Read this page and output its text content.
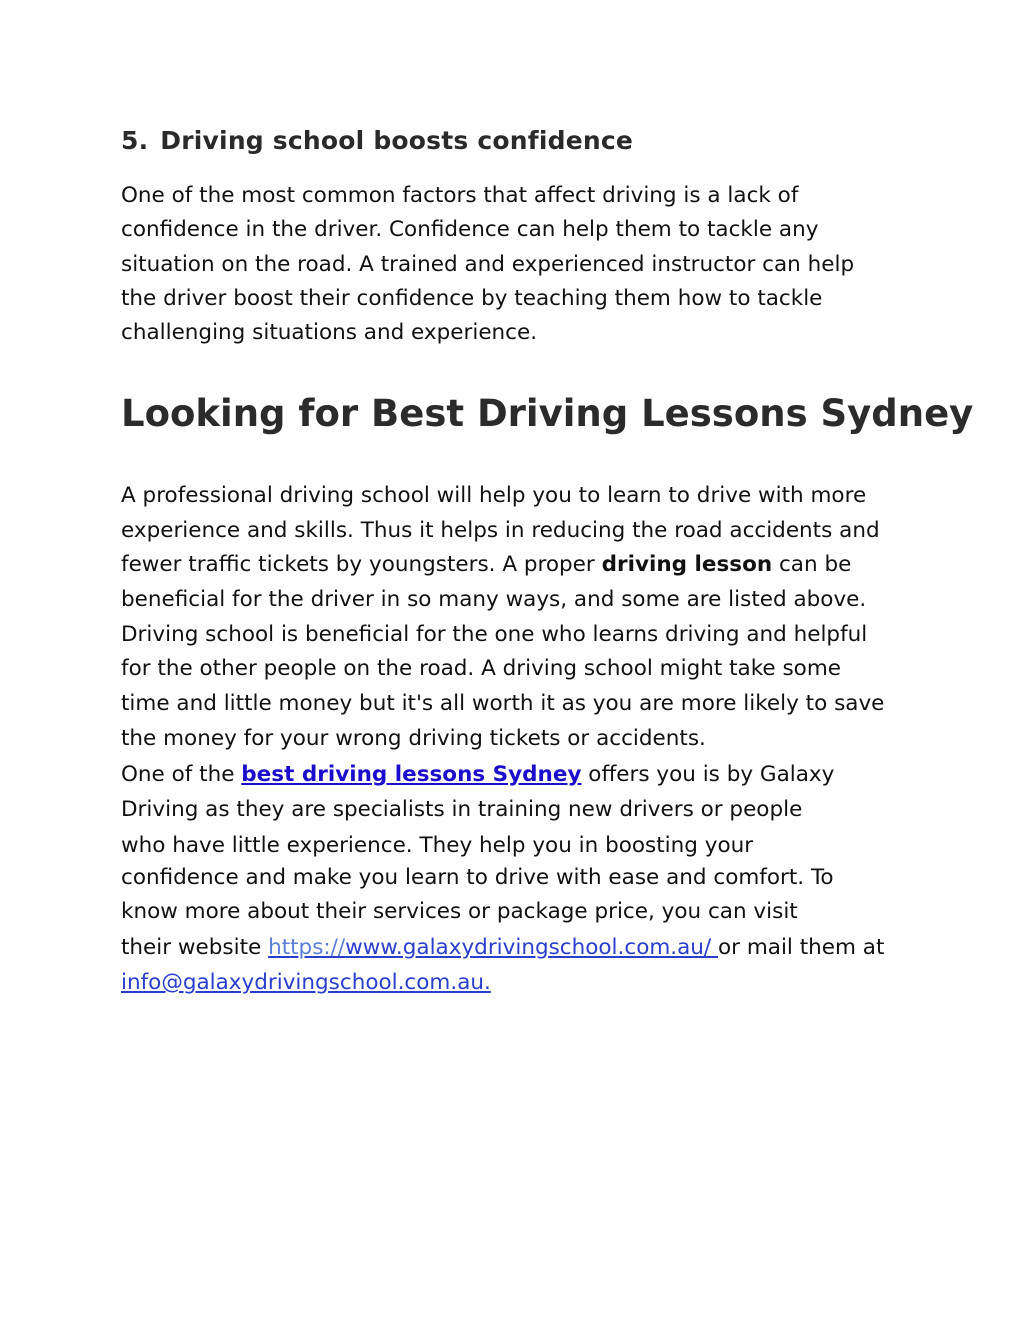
5. Driving school boosts confidence
One of the most common factors that affect driving is a lack of
confidence in the driver. Confidence can help them to tackle any
situation on the road. A trained and experienced instructor can help
the driver boost their confidence by teaching them how to tackle
challenging situations and experience.
Looking for Best Driving Lessons Sydney
A professional driving school will help you to learn to drive with more
experience and skills. Thus it helps in reducing the road accidents and
fewer traffic tickets by youngsters. A proper driving lesson can be
beneficial for the driver in so many ways, and some are listed above.
Driving school is beneficial for the one who learns driving and helpful
for the other people on the road. A driving school might take some
time and little money but it's all worth it as you are more likely to save
the money for your wrong driving tickets or accidents.
One of the best driving lessons Sydney offers you is by Galaxy
Driving as they are specialists in training new drivers or people
who have little experience. They help you in boosting your
confidence and make you learn to drive with ease and comfort. To
know more about their services or package price, you can visit
their website https://www.galaxydrivingschool.com.au/ or mail them at
info@galaxydrivingschool.com.au.
